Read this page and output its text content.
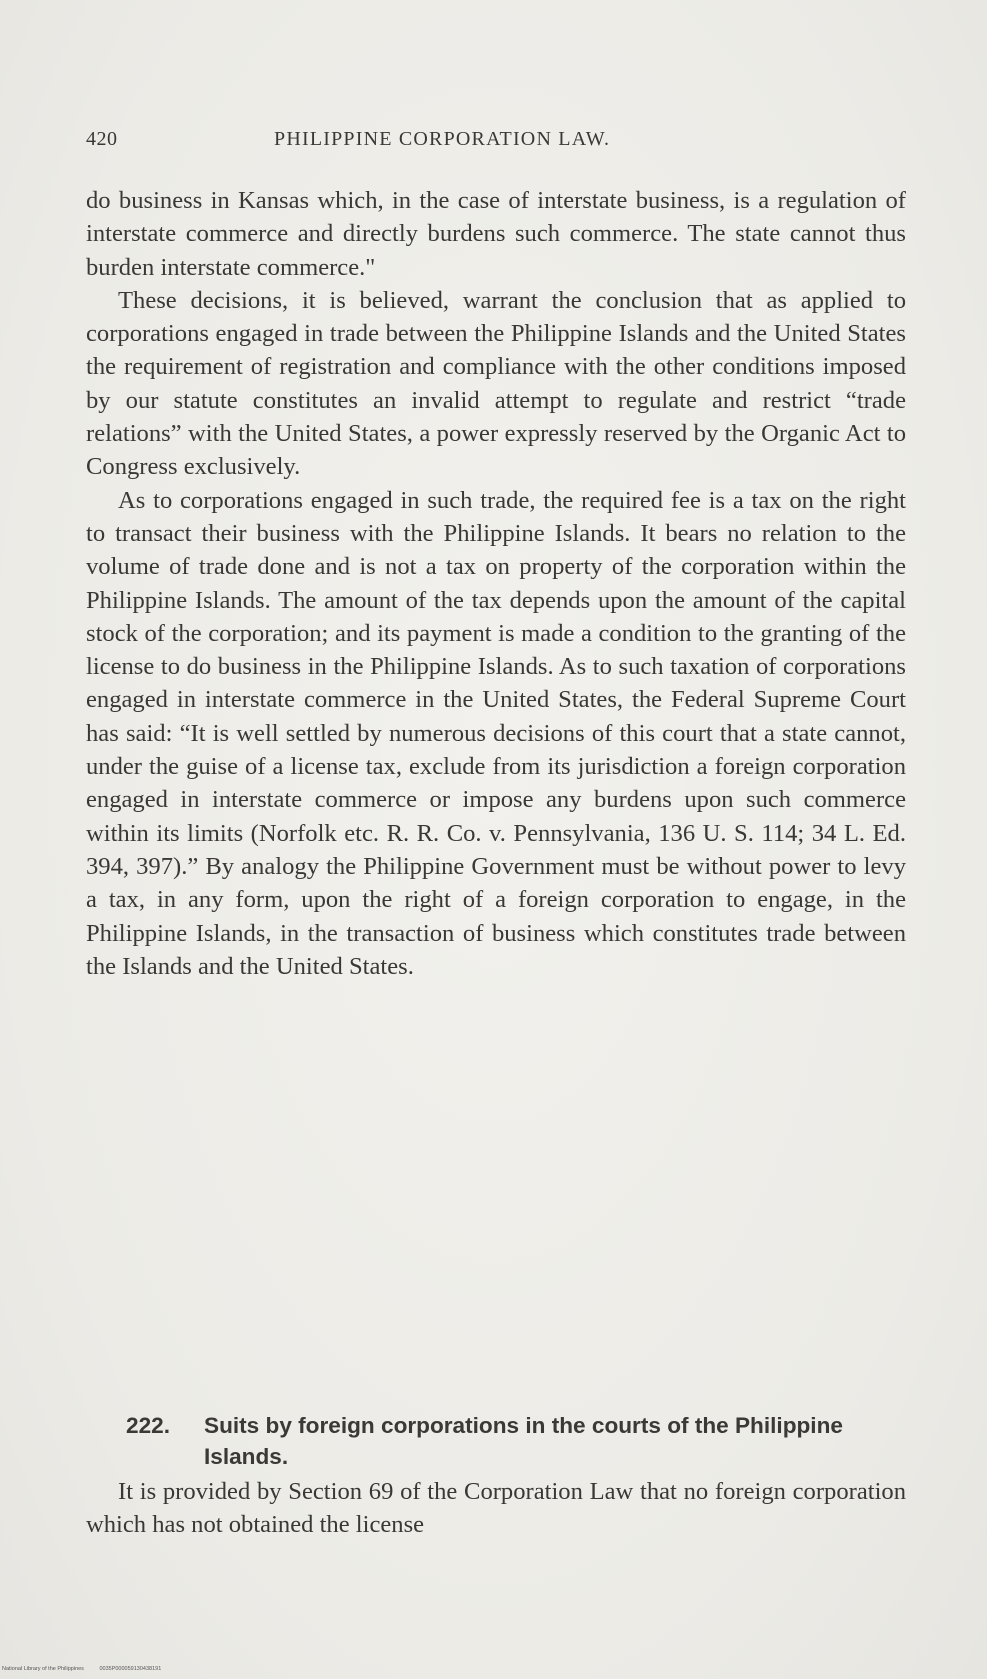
420	PHILIPPINE CORPORATION LAW.

do business in Kansas which, in the case of interstate business, is a regulation of interstate commerce and directly burdens such commerce. The state cannot thus burden interstate commerce."

These decisions, it is believed, warrant the conclusion that as applied to corporations engaged in trade between the Philippine Islands and the United States the requirement of registration and compliance with the other conditions imposed by our statute constitutes an invalid attempt to regulate and restrict “trade relations” with the United States, a power expressly reserved by the Organic Act to Congress exclusively.

As to corporations engaged in such trade, the required fee is a tax on the right to transact their business with the Philippine Islands. It bears no relation to the volume of trade done and is not a tax on property of the corporation within the Philippine Islands. The amount of the tax depends upon the amount of the capital stock of the corporation; and its payment is made a condition to the granting of the license to do business in the Philippine Islands. As to such taxation of corporations engaged in interstate commerce in the United States, the Federal Supreme Court has said: “It is well settled by numerous decisions of this court that a state cannot, under the guise of a license tax, exclude from its jurisdiction a foreign corporation engaged in interstate commerce or impose any burdens upon such commerce within its limits (Norfolk etc. R. R. Co. v. Pennsylvania, 136 U. S. 114; 34 L. Ed. 394, 397).” By analogy the Philippine Government must be without power to levy a tax, in any form, upon the right of a foreign corporation to engage, in the Philippine Islands, in the transaction of business which constitutes trade between the Islands and the United States.

222. Suits by foreign corporations in the courts of the Philippine Islands.

It is provided by Section 69 of the Corporation Law that no foreign corporation which has not obtained the license

National Library of the Philippines	0035P000059130438191
